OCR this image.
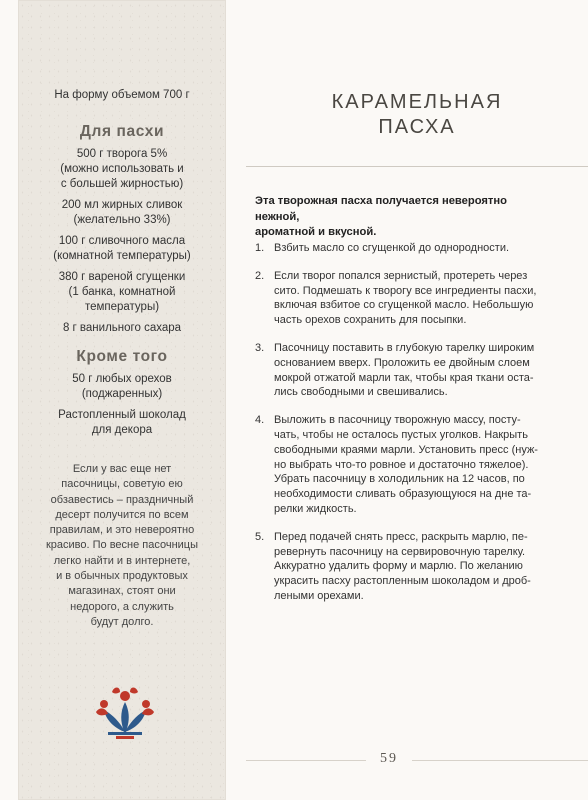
На форму объемом 700 г
Для пасхи
500 г творога 5%
(можно использовать и
с большей жирностью)
200 мл жирных сливок
(желательно 33%)
100 г сливочного масла
(комнатной температуры)
380 г вареной сгущенки
(1 банка, комнатной
температуры)
8 г ванильного сахара
Кроме того
50 г любых орехов
(поджаренных)
Растопленный шоколад
для декора
Если у вас еще нет
пасочницы, советую ею
обзавестись – праздничный
десерт получится по всем
правилам, и это невероятно
красиво. По весне пасочницы
легко найти и в интернете,
и в обычных продуктовых
магазинах, стоят они
недорого, а служить
будут долго.
КАРАМЕЛЬНАЯ
ПАСХА
Эта творожная пасха получается невероятно нежной,
ароматной и вкусной.
1. Взбить масло со сгущенкой до однородности.
2. Если творог попался зернистый, протереть через
сито. Подмешать к творогу все ингредиенты пасхи,
включая взбитое со сгущенкой масло. Небольшую
часть орехов сохранить для посыпки.
3. Пасочницу поставить в глубокую тарелку широким
основанием вверх. Проложить ее двойным слоем
мокрой отжатой марли так, чтобы края ткани оста-
лись свободными и свешивались.
4. Выложить в пасочницу творожную массу, посту-
чать, чтобы не осталось пустых уголков. Накрыть
свободными краями марли. Установить пресс (нуж-
но выбрать что-то ровное и достаточно тяжелое).
Убрать пасочницу в холодильник на 12 часов, по
необходимости сливать образующуюся на дне та-
релки жидкость.
5. Перед подачей снять пресс, раскрыть марлю, пе-
ревернуть пасочницу на сервировочную тарелку.
Аккуратно удалить форму и марлю. По желанию
украсить пасху растопленным шоколадом и дроб-
леными орехами.
59
